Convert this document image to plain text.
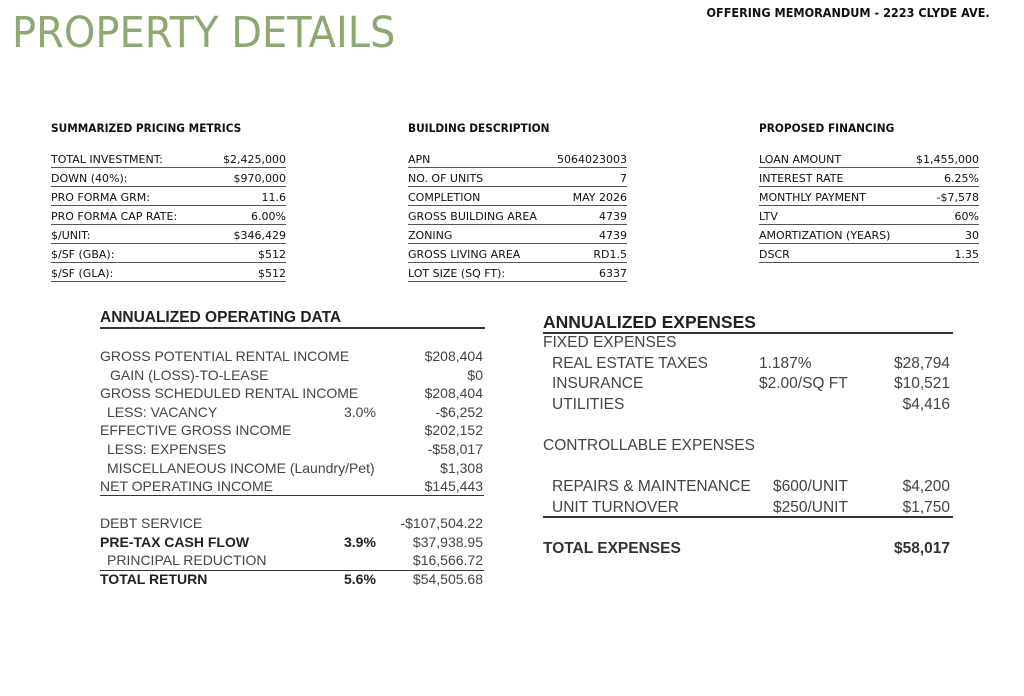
PROPERTY DETAILS	OFFERING MEMORANDUM - 2223 CLYDE AVE.
SUMMARIZED PRICING METRICS
TOTAL INVESTMENT:	$2,425,000
DOWN (40%):	$970,000
PRO FORMA GRM:	11.6
PRO FORMA CAP RATE:	6.00%
$/UNIT:	$346,429
$/SF (GBA):	$512
$/SF (GLA):	$512
BUILDING DESCRIPTION
APN	5064023003
NO. OF UNITS	7
COMPLETION	MAY 2026
GROSS BUILDING AREA	4739
ZONING	4739
GROSS LIVING AREA	RD1.5
LOT SIZE (SQ FT):	6337
PROPOSED FINANCING
LOAN AMOUNT	$1,455,000
INTEREST RATE	6.25%
MONTHLY PAYMENT	-$7,578
LTV	60%
AMORTIZATION (YEARS)	30
DSCR	1.35
ANNUALIZED OPERATING DATA
GROSS POTENTIAL RENTAL INCOME	$208,404
GAIN (LOSS)-TO-LEASE	$0
GROSS SCHEDULED RENTAL INCOME	$208,404
LESS: VACANCY	3.0%	-$6,252
EFFECTIVE GROSS INCOME	$202,152
LESS: EXPENSES	-$58,017
MISCELLANEOUS INCOME (Laundry/Pet)	$1,308
NET OPERATING INCOME	$145,443
DEBT SERVICE	-$107,504.22
PRE-TAX CASH FLOW	3.9%	$37,938.95
PRINCIPAL REDUCTION	$16,566.72
TOTAL RETURN	5.6%	$54,505.68
ANNUALIZED EXPENSES
FIXED EXPENSES
REAL ESTATE TAXES	1.187%	$28,794
INSURANCE	$2.00/SQ FT	$10,521
UTILITIES	$4,416
CONTROLLABLE EXPENSES
REPAIRS & MAINTENANCE $600/UNIT	$4,200
UNIT TURNOVER	$250/UNIT	$1,750
TOTAL EXPENSES	$58,017
